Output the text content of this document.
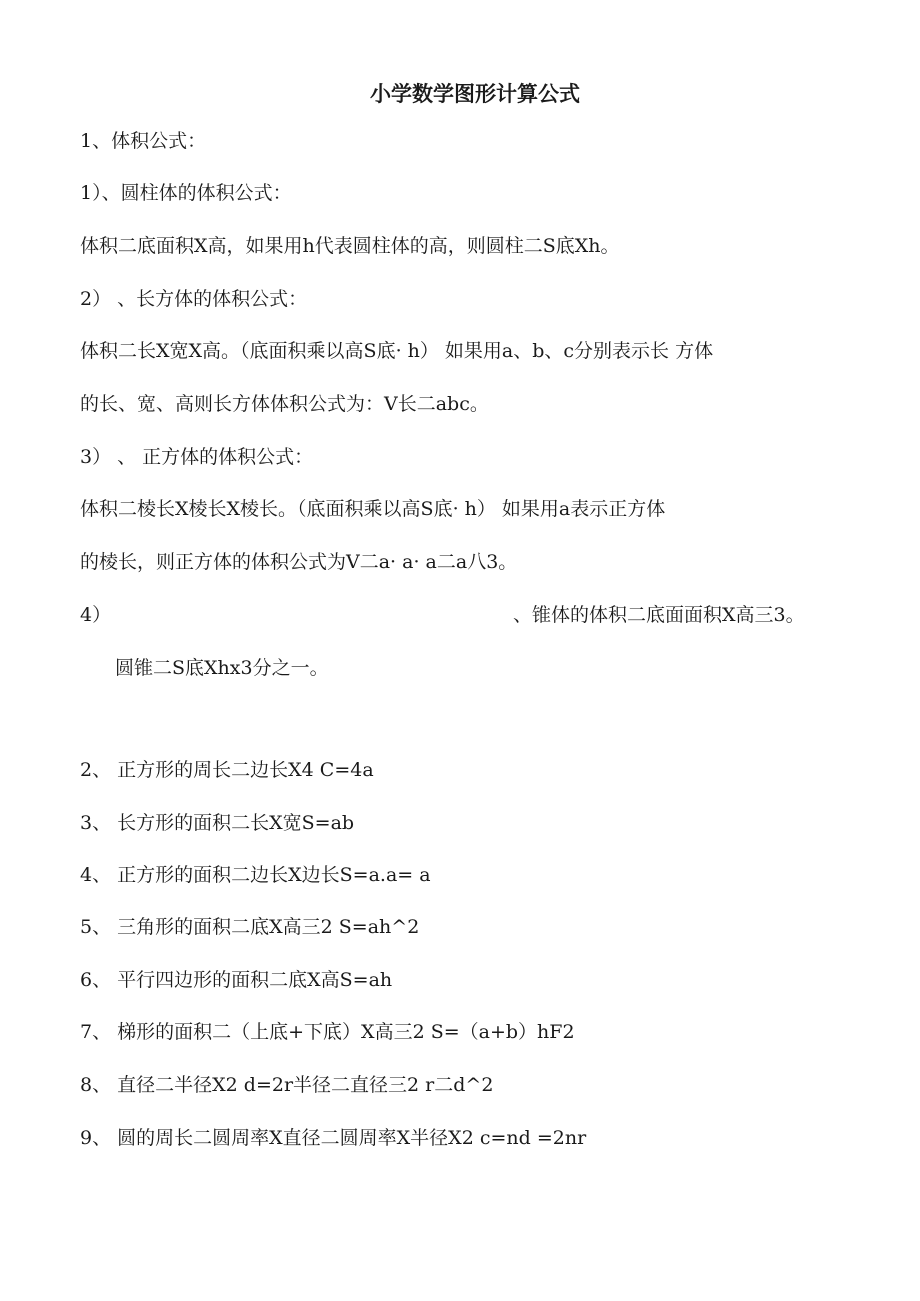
小学数学图形计算公式
1、体积公式：
1）、圆柱体的体积公式：
体积二底面积X高，如果用h代表圆柱体的高，则圆柱二S底Xh。
2） 、长方体的体积公式：
体积二长X宽X高。（底面积乘以高S底· h） 如果用a、b、c分别表示长 方体
的长、宽、高则长方体体积公式为：V长二abc。
3） 、 正方体的体积公式：
体积二棱长X棱长X棱长。（底面积乘以高S底· h） 如果用a表示正方体
的棱长，则正方体的体积公式为V二a· a· a二a八3。
4）	、锥体的体积二底面面积X高三3。
圆锥二S底Xhx3分之一。
2、 正方形的周长二边长X4 C=4a
3、 长方形的面积二长X宽S=ab
4、 正方形的面积二边长X边长S=a.a= a
5、 三角形的面积二底X高三2 S=ah^2
6、 平行四边形的面积二底X高S=ah
7、 梯形的面积二（上底+下底）X高三2 S=（a+b）hF2
8、 直径二半径X2 d=2r半径二直径三2 r二d^2
9、 圆的周长二圆周率X直径二圆周率X半径X2 c=nd =2nr
